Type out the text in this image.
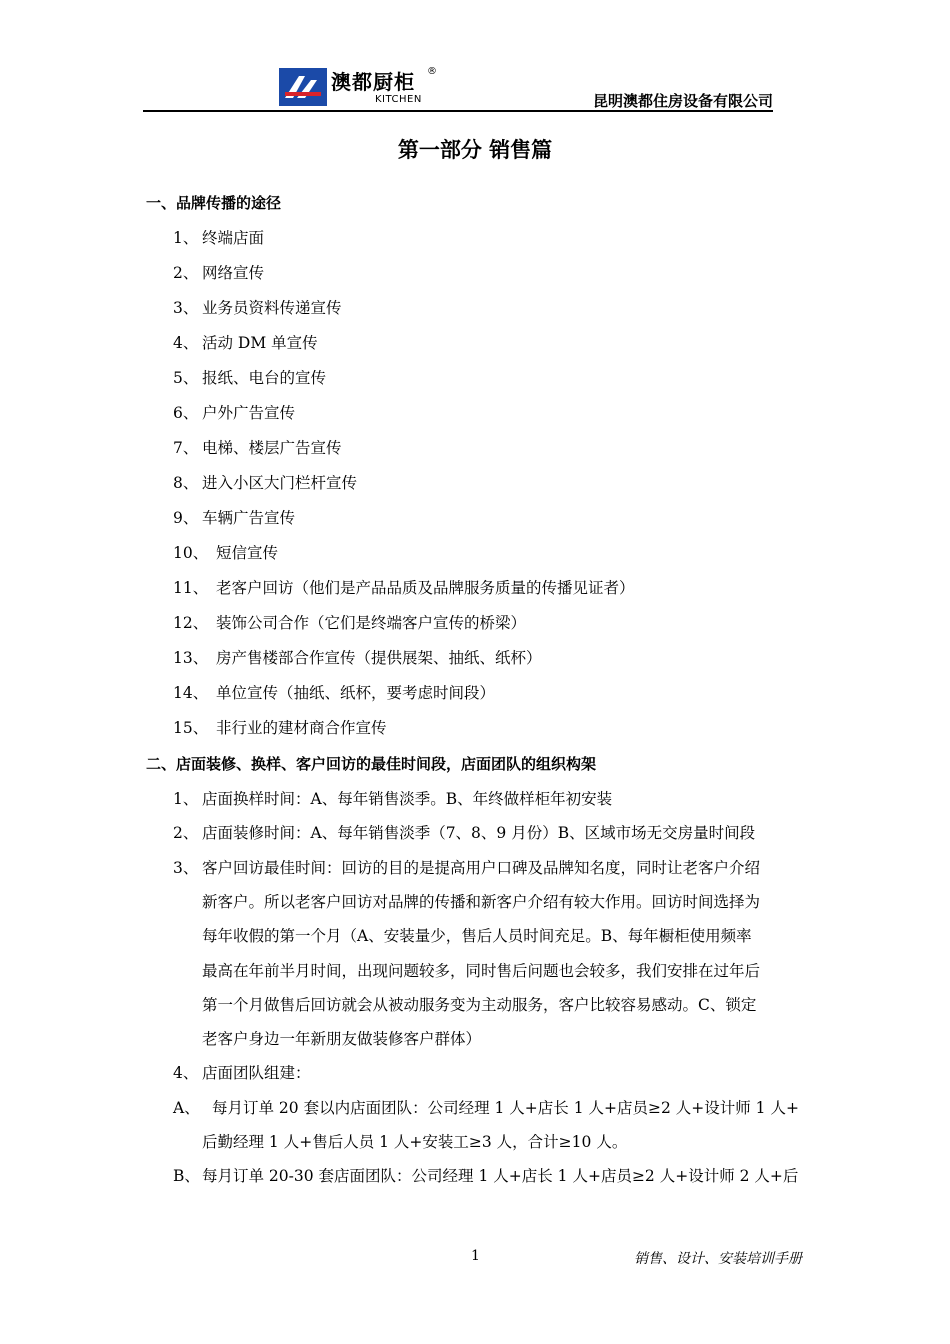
澳都厨柜 ®
KITCHEN	昆明澳都住房设备有限公司
第一部分 销售篇
一、品牌传播的途径
1、 终端店面
2、 网络宣传
3、 业务员资料传递宣传
4、 活动 DM 单宣传
5、 报纸、电台的宣传
6、 户外广告宣传
7、 电梯、楼层广告宣传
8、 进入小区大门栏杆宣传
9、 车辆广告宣传
10、 短信宣传
11、 老客户回访（他们是产品品质及品牌服务质量的传播见证者）
12、 装饰公司合作（它们是终端客户宣传的桥梁）
13、 房产售楼部合作宣传（提供展架、抽纸、纸杯）
14、 单位宣传（抽纸、纸杯，要考虑时间段）
15、 非行业的建材商合作宣传
二、店面装修、换样、客户回访的最佳时间段，店面团队的组织构架
1、 店面换样时间：A、每年销售淡季。B、年终做样柜年初安装
2、 店面装修时间：A、每年销售淡季（7、8、9 月份）B、区域市场无交房量时间段
3、 客户回访最佳时间：回访的目的是提高用户口碑及品牌知名度，同时让老客户介绍
新客户。所以老客户回访对品牌的传播和新客户介绍有较大作用。回访时间选择为
每年收假的第一个月（A、安装量少，售后人员时间充足。B、每年橱柜使用频率
最高在年前半月时间，出现问题较多，同时售后问题也会较多，我们安排在过年后
第一个月做售后回访就会从被动服务变为主动服务，客户比较容易感动。C、锁定
老客户身边一年新朋友做装修客户群体）
4、 店面团队组建：
A、 每月订单 20 套以内店面团队：公司经理 1 人+店长 1 人+店员≥2 人+设计师 1 人+
后勤经理 1 人+售后人员 1 人+安装工≥3 人，合计≥10 人。
B、 每月订单 20-30 套店面团队：公司经理 1 人+店长 1 人+店员≥2 人+设计师 2 人+后
1	销售、设计、安装培训手册
